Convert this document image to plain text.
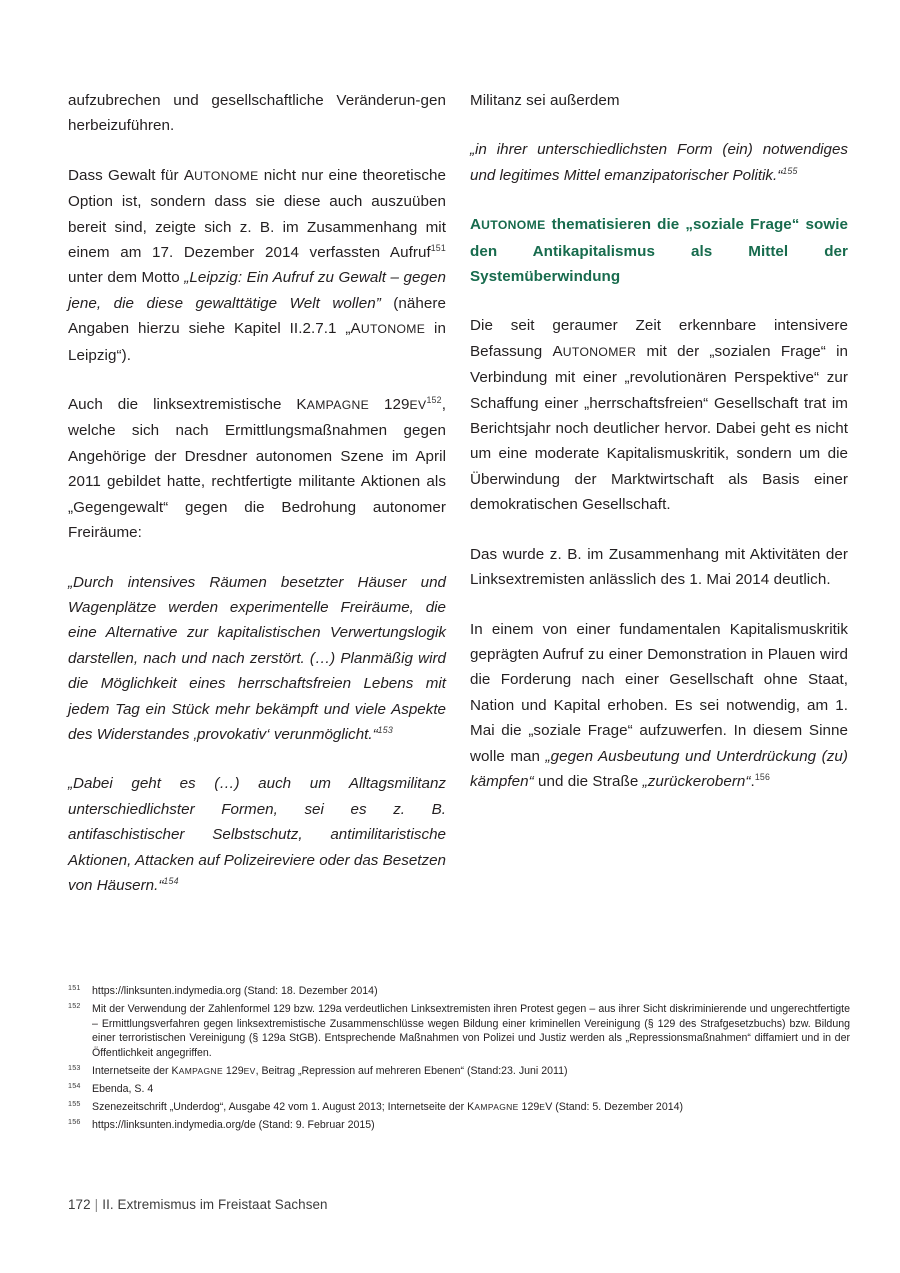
aufzubrechen und gesellschaftliche Veränderun-gen herbeizuführen.

Dass Gewalt für AUTONOME nicht nur eine theoretische Option ist, sondern dass sie diese auch auszuüben bereit sind, zeigte sich z. B. im Zusammenhang mit einem am 17. Dezember 2014 verfassten Aufruf$^{151}$ unter dem Motto „Leipzig: Ein Aufruf zu Gewalt – gegen jene, die diese gewalttätige Welt wollen” (nähere Angaben hierzu siehe Kapitel II.2.7.1 „AUTONOME in Leipzig“).

Auch die linksextremistische KAMPAGNE 129EV$^{152}$, welche sich nach Ermittlungsmaßnahmen gegen Angehörige der Dresdner autonomen Szene im April 2011 gebildet hatte, rechtfertigte militante Aktionen als „Gegengewalt“ gegen die Bedrohung autonomer Freiräume:

„Durch intensives Räumen besetzter Häuser und Wagenplätze werden experimentelle Freiräume, die eine Alternative zur kapitalistischen Verwertungslogik darstellen, nach und nach zerstört. (…) Planmäßig wird die Möglichkeit eines herrschaftsfreien Lebens mit jedem Tag ein Stück mehr bekämpft und viele Aspekte des Widerstandes ‚provokativ‘ verunmöglicht.“$^{153}$

„Dabei geht es (…) auch um Alltagsmilitanz unterschiedlichster Formen, sei es z. B. antifaschistischer Selbstschutz, antimilitaristische Aktionen, Attacken auf Polizeireviere oder das Besetzen von Häusern.“$^{154}$

Militanz sei außerdem

„in ihrer unterschiedlichsten Form (ein) notwendiges und legitimes Mittel emanzipatorischer Politik.“$^{155}$

AUTONOME thematisieren die „soziale Frage“ sowie den Antikapitalismus als Mittel der Systemüberwindung

Die seit geraumer Zeit erkennbare intensivere Befassung AUTONOMER mit der „sozialen Frage“ in Verbindung mit einer „revolutionären Perspektive“ zur Schaffung einer „herrschaftsfreien“ Gesellschaft trat im Berichtsjahr noch deutlicher hervor. Dabei geht es nicht um eine moderate Kapitalismuskritik, sondern um die Überwindung der Marktwirtschaft als Basis einer demokratischen Gesellschaft.

Das wurde z. B. im Zusammenhang mit Aktivitäten der Linksextremisten anlässlich des 1. Mai 2014 deutlich.

In einem von einer fundamentalen Kapitalismuskritik geprägten Aufruf zu einer Demonstration in Plauen wird die Forderung nach einer Gesellschaft ohne Staat, Nation und Kapital erhoben. Es sei notwendig, am 1. Mai die „soziale Frage“ aufzuwerfen. In diesem Sinne wolle man „gegen Ausbeutung und Unterdrückung (zu) kämpfen“ und die Straße „zurückerobern“.$^{156}$

151	https://linksunten.indymedia.org (Stand: 18. Dezember 2014)
152	Mit der Verwendung der Zahlenformel 129 bzw. 129a verdeutlichen Linksextremisten ihren Protest gegen – aus ihrer Sicht diskriminierende und ungerechtfertigte – Ermittlungsverfahren gegen linksextremistische Zusammenschlüsse wegen Bildung einer kriminellen Vereinigung (§ 129 des Strafgesetzbuchs) bzw. Bildung einer terroristischen Vereinigung (§ 129a StGB). Entsprechende Maßnahmen von Polizei und Justiz werden als „Repressionsmaßnahmen“ diffamiert und in der Öffentlichkeit angegriffen.
153	Internetseite der KAMPAGNE 129EV, Beitrag „Repression auf mehreren Ebenen“ (Stand:23. Juni 2011)
154	Ebenda, S. 4
155	Szenezeitschrift „Underdog“, Ausgabe 42 vom 1. August 2013; Internetseite der KAMPAGNE 129EV (Stand: 5. Dezember 2014)
156	https://linksunten.indymedia.org/de (Stand: 9. Februar 2015)
172 | II. Extremismus im Freistaat Sachsen
